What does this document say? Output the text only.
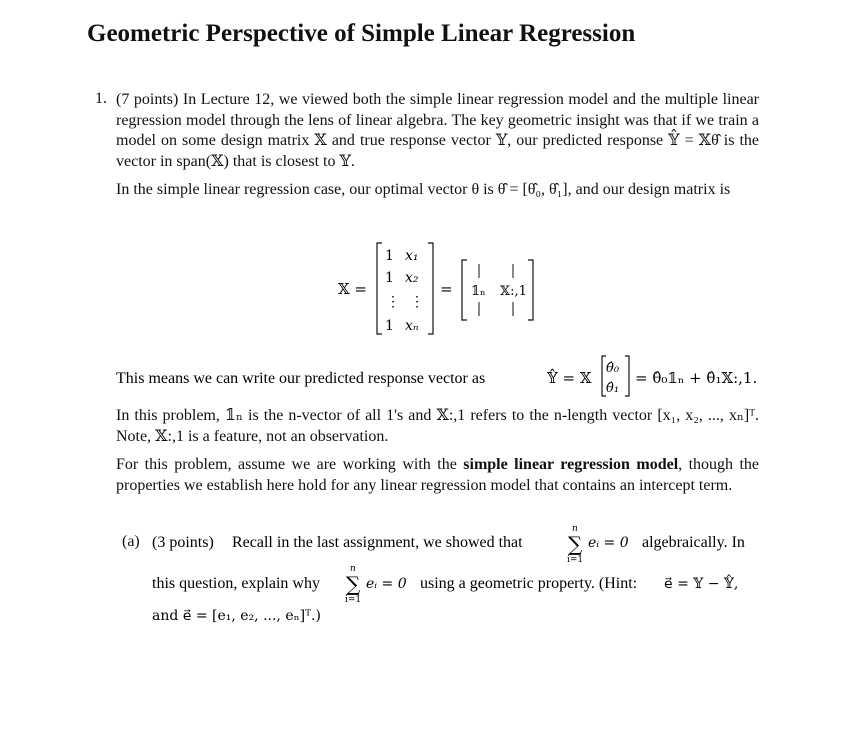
Geometric Perspective of Simple Linear Regression
1. (7 points) In Lecture 12, we viewed both the simple linear regression model and the multiple linear regression model through the lens of linear algebra. The key geometric insight was that if we train a model on some design matrix 𝕏 and true response vector 𝕐, our predicted response 𝕐̂ = 𝕏θ̂ is the vector in span(𝕏) that is closest to 𝕐.

In the simple linear regression case, our optimal vector θ is θ̂ = [θ̂₀, θ̂₁], and our design matrix is

𝕏 =
1 x₁
1 x₂
⋮ ⋮
1 xₙ
= 𝟙ₙ 𝕏:,1
This means we can write our predicted response vector as	𝕐̂ = 𝕏
θ̂₀
θ̂₁
= θ̂₀𝟙ₙ + θ̂₁𝕏:,1.

In this problem, 𝟙ₙ is the n-vector of all 1's and 𝕏:,1 refers to the n-length vector [x₁, x₂, ..., xₙ]ᵀ. Note, 𝕏:,1 is a feature, not an observation.

For this problem, assume we are working with the simple linear regression model, though the properties we establish here hold for any linear regression model that contains an intercept term.

(a) (3 points) Recall in the last assignment, we showed that
n
∑
i=1
eᵢ = 0 algebraically. In
this question, explain why
n
∑
i=1
eᵢ = 0 using a geometric property. (Hint: e⃗ = 𝕐 − 𝕐̂,
and e⃗ = [e₁, e₂, ..., eₙ]ᵀ.)
